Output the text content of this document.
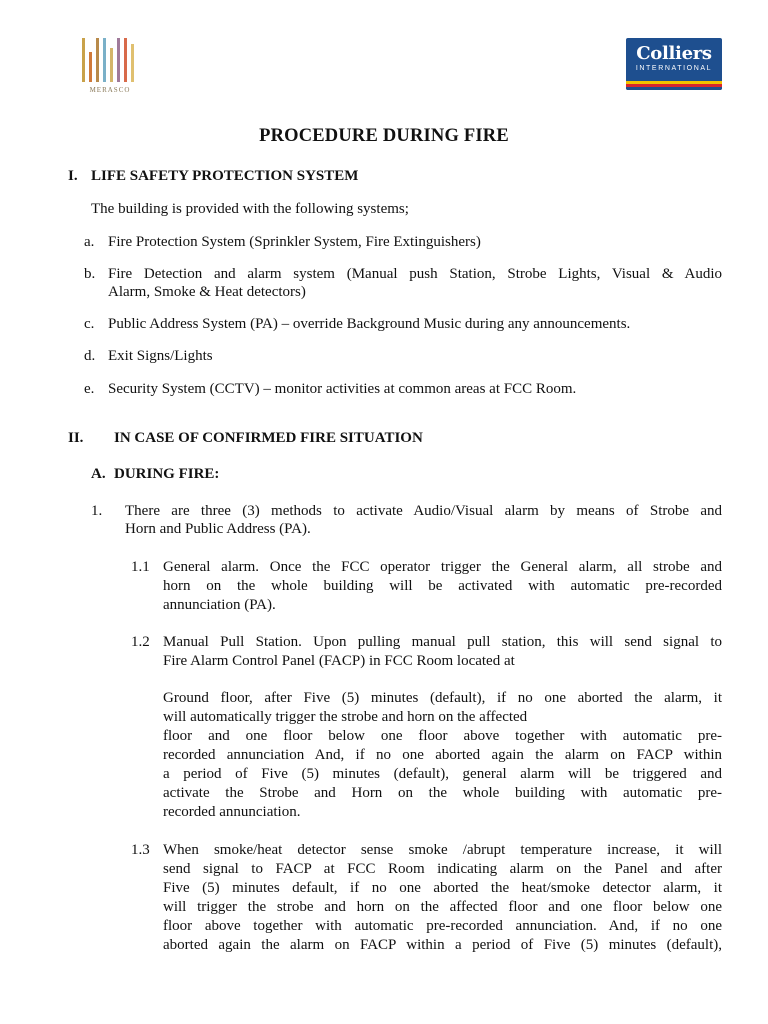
MERASCO
Colliers
INTERNATIONAL
PROCEDURE DURING FIRE
I. LIFE SAFETY PROTECTION SYSTEM
The building is provided with the following systems;
a. Fire Protection System (Sprinkler System, Fire Extinguishers)
b. Fire Detection and alarm system (Manual push Station, Strobe Lights, Visual & Audio
Alarm, Smoke & Heat detectors)
c. Public Address System (PA) – override Background Music during any announcements.
d. Exit Signs/Lights
e. Security System (CCTV) – monitor activities at common areas at FCC Room.
II. IN CASE OF CONFIRMED FIRE SITUATION
A. DURING FIRE:
1. There are three (3) methods to activate Audio/Visual alarm by means of Strobe and
Horn and Public Address (PA).
1.1 General alarm. Once the FCC operator trigger the General alarm, all strobe and
horn on the whole building will be activated with automatic pre-recorded
annunciation (PA).
1.2 Manual Pull Station. Upon pulling manual pull station, this will send signal to
Fire Alarm Control Panel (FACP) in FCC Room located at
Ground floor, after Five (5) minutes (default), if no one aborted the alarm, it
will automatically trigger the strobe and horn on the affected
floor and one floor below one floor above together with automatic pre-
recorded annunciation And, if no one aborted again the alarm on FACP within
a period of Five (5) minutes (default), general alarm will be triggered and
activate the Strobe and Horn on the whole building with automatic pre-
recorded annunciation.
1.3 When smoke/heat detector sense smoke /abrupt temperature increase, it will
send signal to FACP at FCC Room indicating alarm on the Panel and after
Five (5) minutes default, if no one aborted the heat/smoke detector alarm, it
will trigger the strobe and horn on the affected floor and one floor below one
floor above together with automatic pre-recorded annunciation. And, if no one
aborted again the alarm on FACP within a period of Five (5) minutes (default),
